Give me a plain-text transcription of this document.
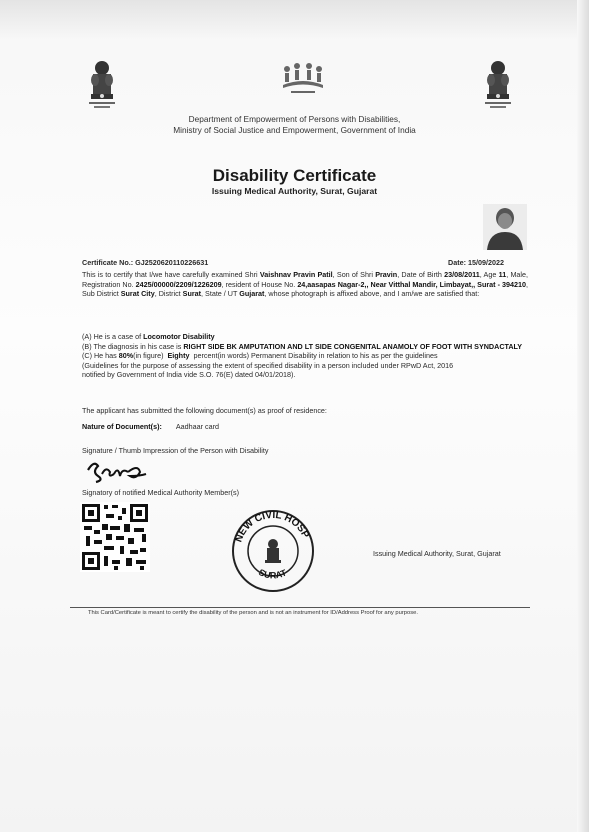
Department of Empowerment of Persons with Disabilities,
Ministry of Social Justice and Empowerment, Government of India
Disability Certificate
Issuing Medical Authority, Surat, Gujarat
Certificate No.: GJ2520620110226631	Date: 15/09/2022
This is to certify that I/we have carefully examined Shri Vaishnav Pravin Patil, Son of Shri Pravin, Date of Birth 23/08/2011, Age 11, Male, Registration No. 2425/00000/2209/1226209, resident of House No. 24,aasapas Nagar-2,, Near Vitthal Mandir, Limbayat,, Surat - 394210, Sub District Surat City, District Surat, State / UT Gujarat, whose photograph is affixed above, and I am/we are satisfied that:
(A) He is a case of Locomotor Disability
(B) The diagnosis in his case is RIGHT SIDE BK AMPUTATION AND LT SIDE CONGENITAL ANAMOLY OF FOOT WITH SYNDACTALY
(C) He has 80%(in figure) Eighty percent(in words) Permanent Disability in relation to his as per the guidelines
(Guidelines for the purpose of assessing the extent of specified disability in a person included under RPwD Act, 2016
notified by Government of India vide S.O. 76(E) dated 04/01/2018).
The applicant has submitted the following document(s) as proof of residence:
Nature of Document(s): Aadhaar card
Signature / Thumb Impression of the Person with Disability
Signatory of notified Medical Authority Member(s)
NEW CIVIL HOSP
SURAT
Issuing Medical Authority, Surat, Gujarat
This Card/Certificate is meant to certify the disability of the person and is not an instrument for ID/Address Proof for any purpose.
